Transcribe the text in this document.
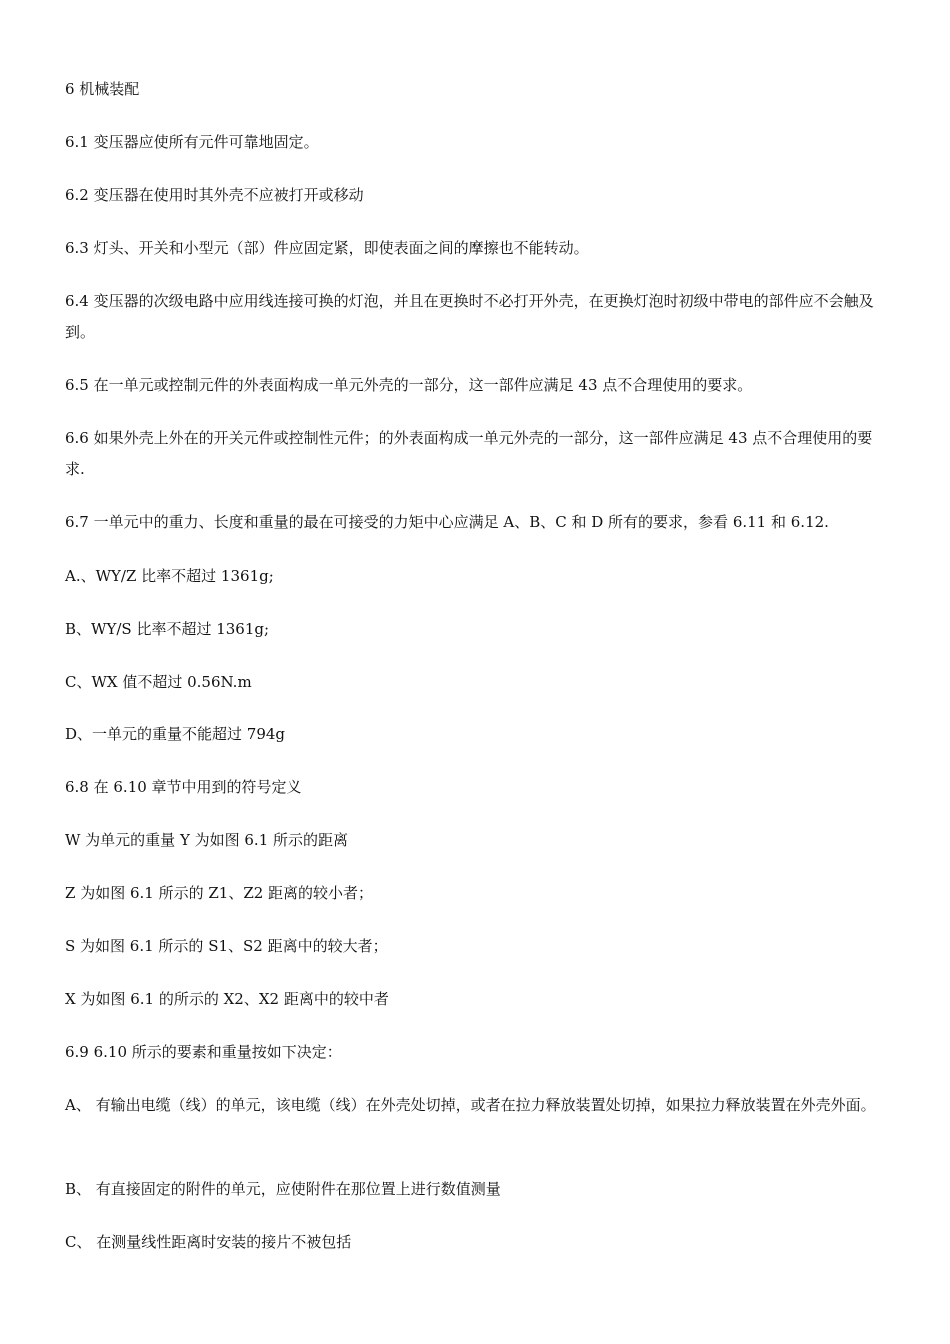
6 机械装配

6.1 变压器应使所有元件可靠地固定。

6.2 变压器在使用时其外壳不应被打开或移动

6.3 灯头、开关和小型元（部）件应固定紧，即使表面之间的摩擦也不能转动。

6.4 变压器的次级电路中应用线连接可换的灯泡，并且在更换时不必打开外壳，在更换灯泡时初级中带电的部件应不会触及到。

6.5 在一单元或控制元件的外表面构成一单元外壳的一部分，这一部件应满足 43 点不合理使用的要求。

6.6 如果外壳上外在的开关元件或控制性元件；的外表面构成一单元外壳的一部分，这一部件应满足 43 点不合理使用的要求.

6.7 一单元中的重力、长度和重量的最在可接受的力矩中心应满足 A、B、C 和 D 所有的要求，参看 6.11 和 6.12.

A.、WY/Z 比率不超过 1361g;

B、WY/S 比率不超过 1361g;

C、WX 值不超过 0.56N.m

D、一单元的重量不能超过 794g

6.8 在 6.10 章节中用到的符号定义

W 为单元的重量 Y 为如图 6.1 所示的距离

Z 为如图 6.1 所示的 Z1、Z2 距离的较小者；

S 为如图 6.1 所示的 S1、S2 距离中的较大者；

X 为如图 6.1 的所示的 X2、X2 距离中的较中者

6.9 6.10 所示的要素和重量按如下决定：

A、 有输出电缆（线）的单元，该电缆（线）在外壳处切掉，或者在拉力释放装置处切掉，如果拉力释放装置在外壳外面。

B、 有直接固定的附件的单元，应使附件在那位置上进行数值测量

C、 在测量线性距离时安装的接片不被包括
